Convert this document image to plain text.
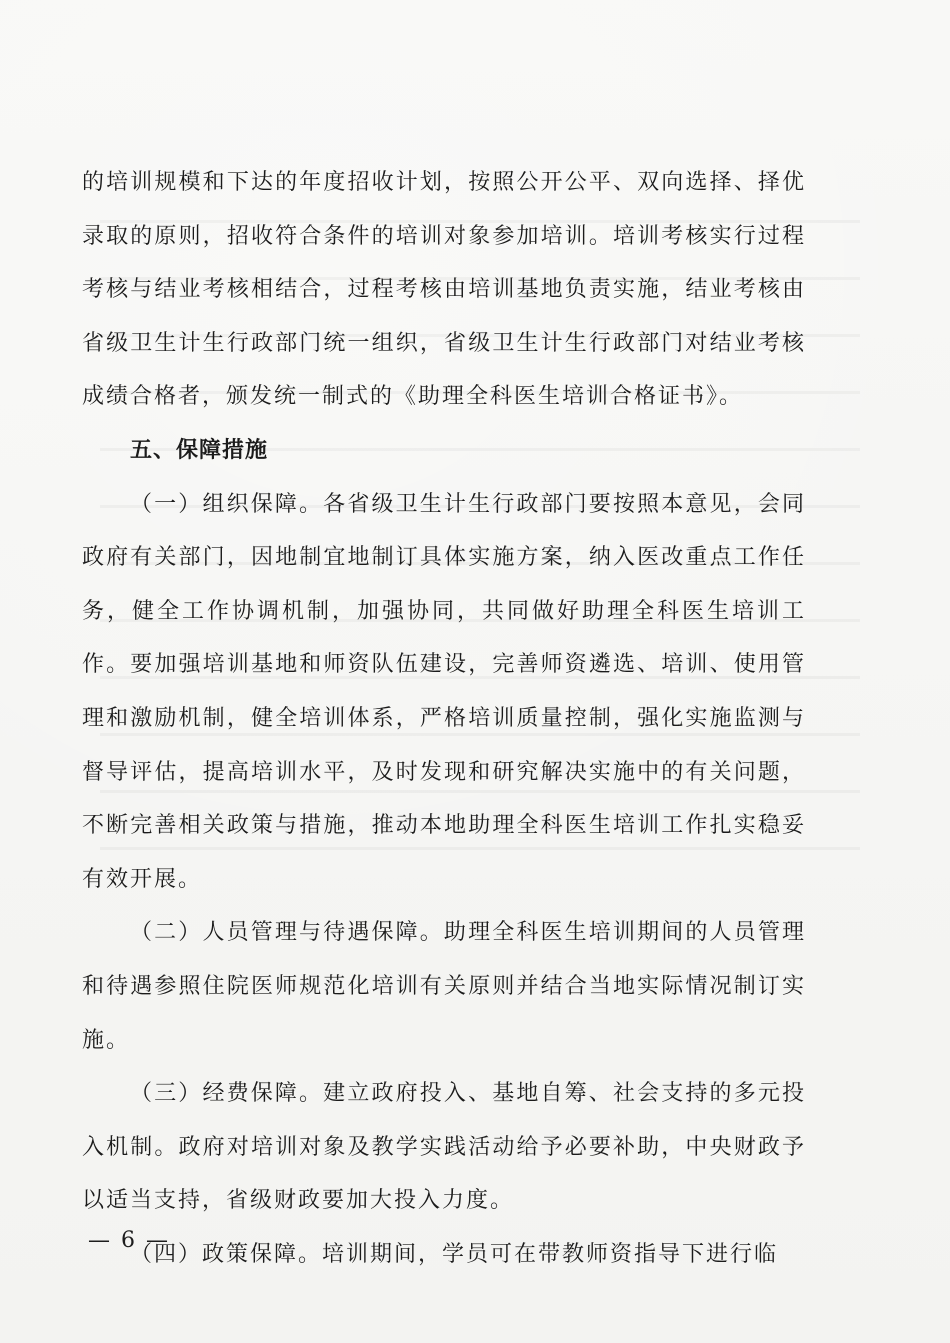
的培训规模和下达的年度招收计划，按照公开公平、双向选择、择优录取的原则，招收符合条件的培训对象参加培训。培训考核实行过程考核与结业考核相结合，过程考核由培训基地负责实施，结业考核由省级卫生计生行政部门统一组织，省级卫生计生行政部门对结业考核成绩合格者，颁发统一制式的《助理全科医生培训合格证书》。

五、保障措施

（一）组织保障。各省级卫生计生行政部门要按照本意见，会同政府有关部门，因地制宜地制订具体实施方案，纳入医改重点工作任务，健全工作协调机制，加强协同，共同做好助理全科医生培训工作。要加强培训基地和师资队伍建设，完善师资遴选、培训、使用管理和激励机制，健全培训体系，严格培训质量控制，强化实施监测与督导评估，提高培训水平，及时发现和研究解决实施中的有关问题，不断完善相关政策与措施，推动本地助理全科医生培训工作扎实稳妥有效开展。

（二）人员管理与待遇保障。助理全科医生培训期间的人员管理和待遇参照住院医师规范化培训有关原则并结合当地实际情况制订实施。

（三）经费保障。建立政府投入、基地自筹、社会支持的多元投入机制。政府对培训对象及教学实践活动给予必要补助，中央财政予以适当支持，省级财政要加大投入力度。

（四）政策保障。培训期间，学员可在带教师资指导下进行临

— 6 —
